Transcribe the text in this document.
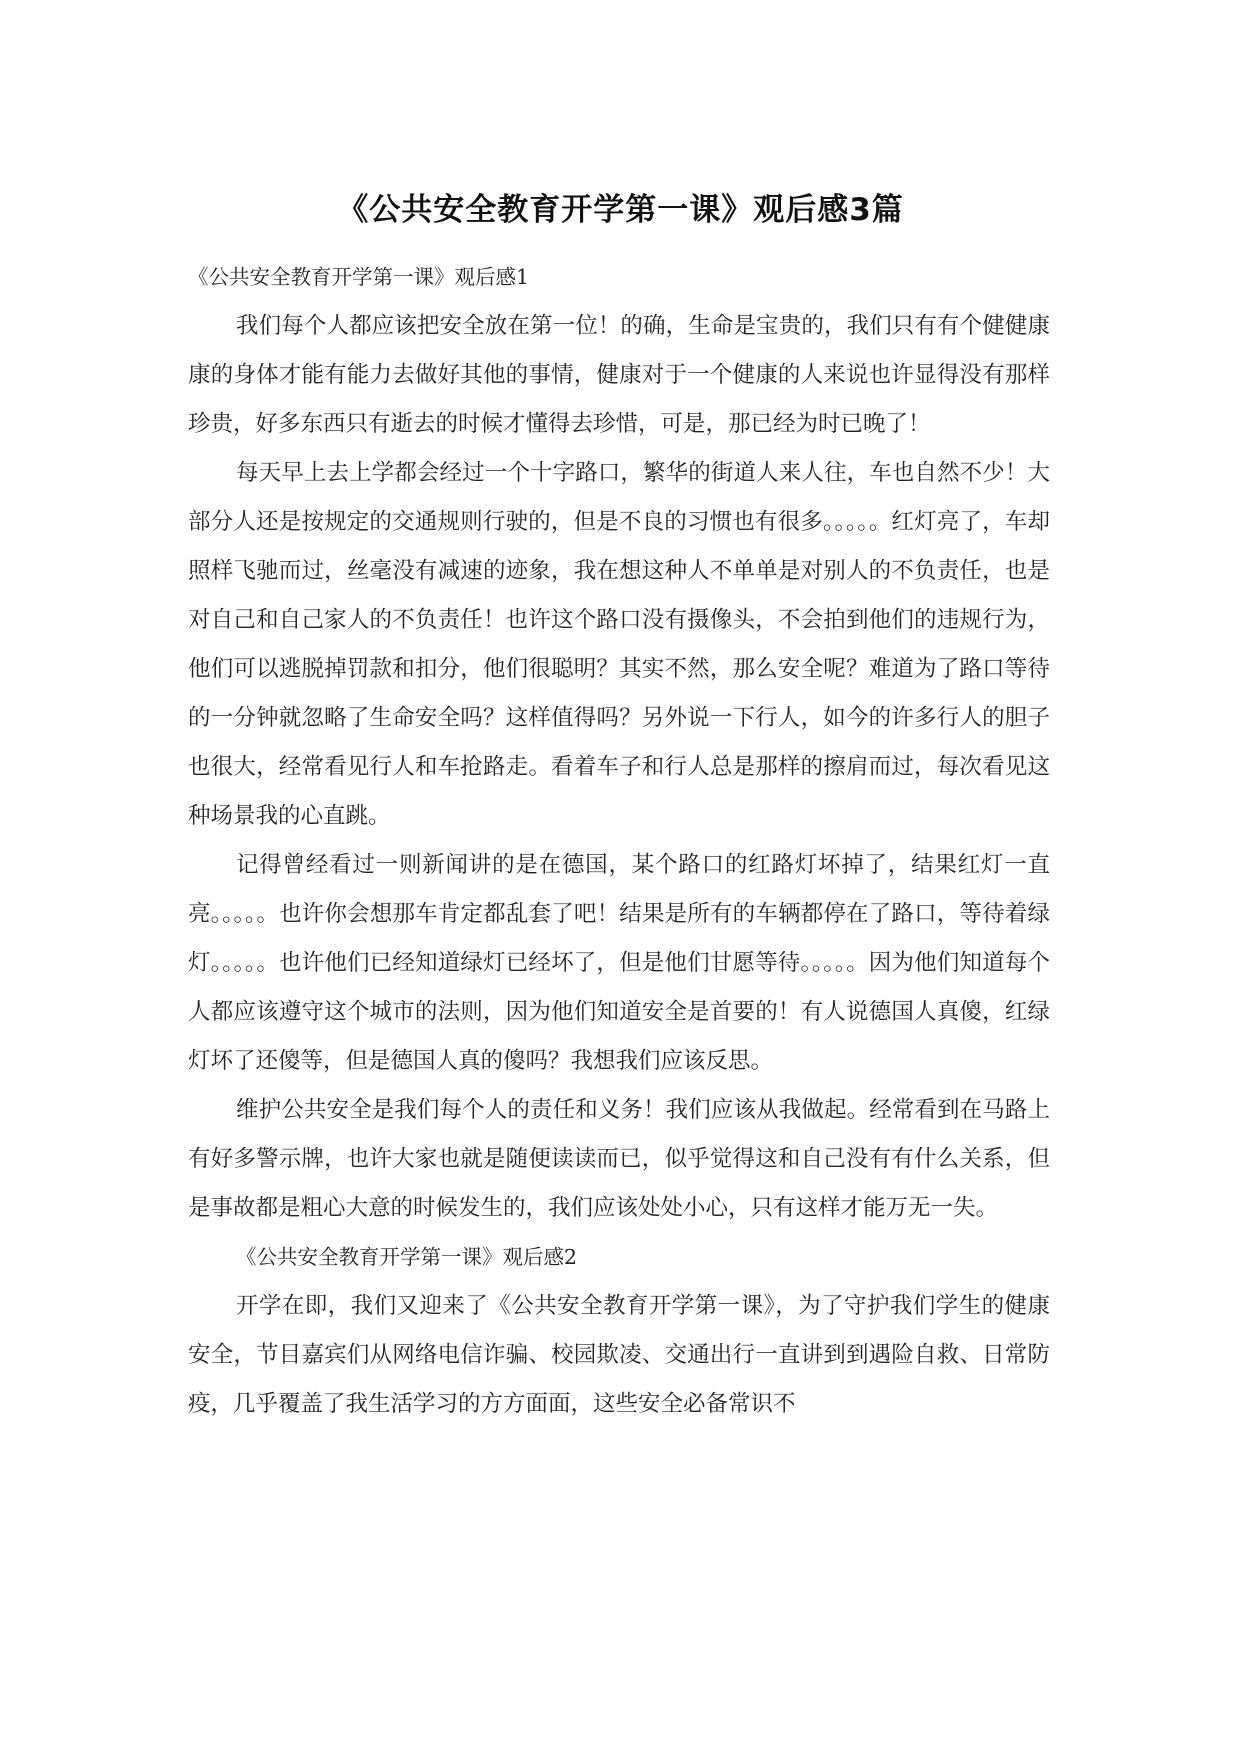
《公共安全教育开学第一课》观后感3篇

《公共安全教育开学第一课》观后感1

我们每个人都应该把安全放在第一位！的确，生命是宝贵的，我们只有有个健健康康的身体才能有能力去做好其他的事情，健康对于一个健康的人来说也许显得没有那样珍贵，好多东西只有逝去的时候才懂得去珍惜，可是，那已经为时已晚了！

每天早上去上学都会经过一个十字路口，繁华的街道人来人往，车也自然不少！大部分人还是按规定的交通规则行驶的，但是不良的习惯也有很多。。。。。红灯亮了，车却照样飞驰而过，丝毫没有减速的迹象，我在想这种人不单单是对别人的不负责任，也是对自己和自己家人的不负责任！也许这个路口没有摄像头，不会拍到他们的违规行为，他们可以逃脱掉罚款和扣分，他们很聪明？其实不然，那么安全呢？难道为了路口等待的一分钟就忽略了生命安全吗？这样值得吗？另外说一下行人，如今的许多行人的胆子也很大，经常看见行人和车抢路走。看着车子和行人总是那样的擦肩而过，每次看见这种场景我的心直跳。

记得曾经看过一则新闻讲的是在德国，某个路口的红路灯坏掉了，结果红灯一直亮。。。。。也许你会想那车肯定都乱套了吧！结果是所有的车辆都停在了路口，等待着绿灯。。。。。也许他们已经知道绿灯已经坏了，但是他们甘愿等待。。。。。因为他们知道每个人都应该遵守这个城市的法则，因为他们知道安全是首要的！有人说德国人真傻，红绿灯坏了还傻等，但是德国人真的傻吗？我想我们应该反思。

维护公共安全是我们每个人的责任和义务！我们应该从我做起。经常看到在马路上有好多警示牌，也许大家也就是随便读读而已，似乎觉得这和自己没有有什么关系，但是事故都是粗心大意的时候发生的，我们应该处处小心，只有这样才能万无一失。

《公共安全教育开学第一课》观后感2

开学在即，我们又迎来了《公共安全教育开学第一课》，为了守护我们学生的健康安全，节目嘉宾们从网络电信诈骗、校园欺凌、交通出行一直讲到到遇险自救、日常防疫，几乎覆盖了我生活学习的方方面面，这些安全必备常识不
